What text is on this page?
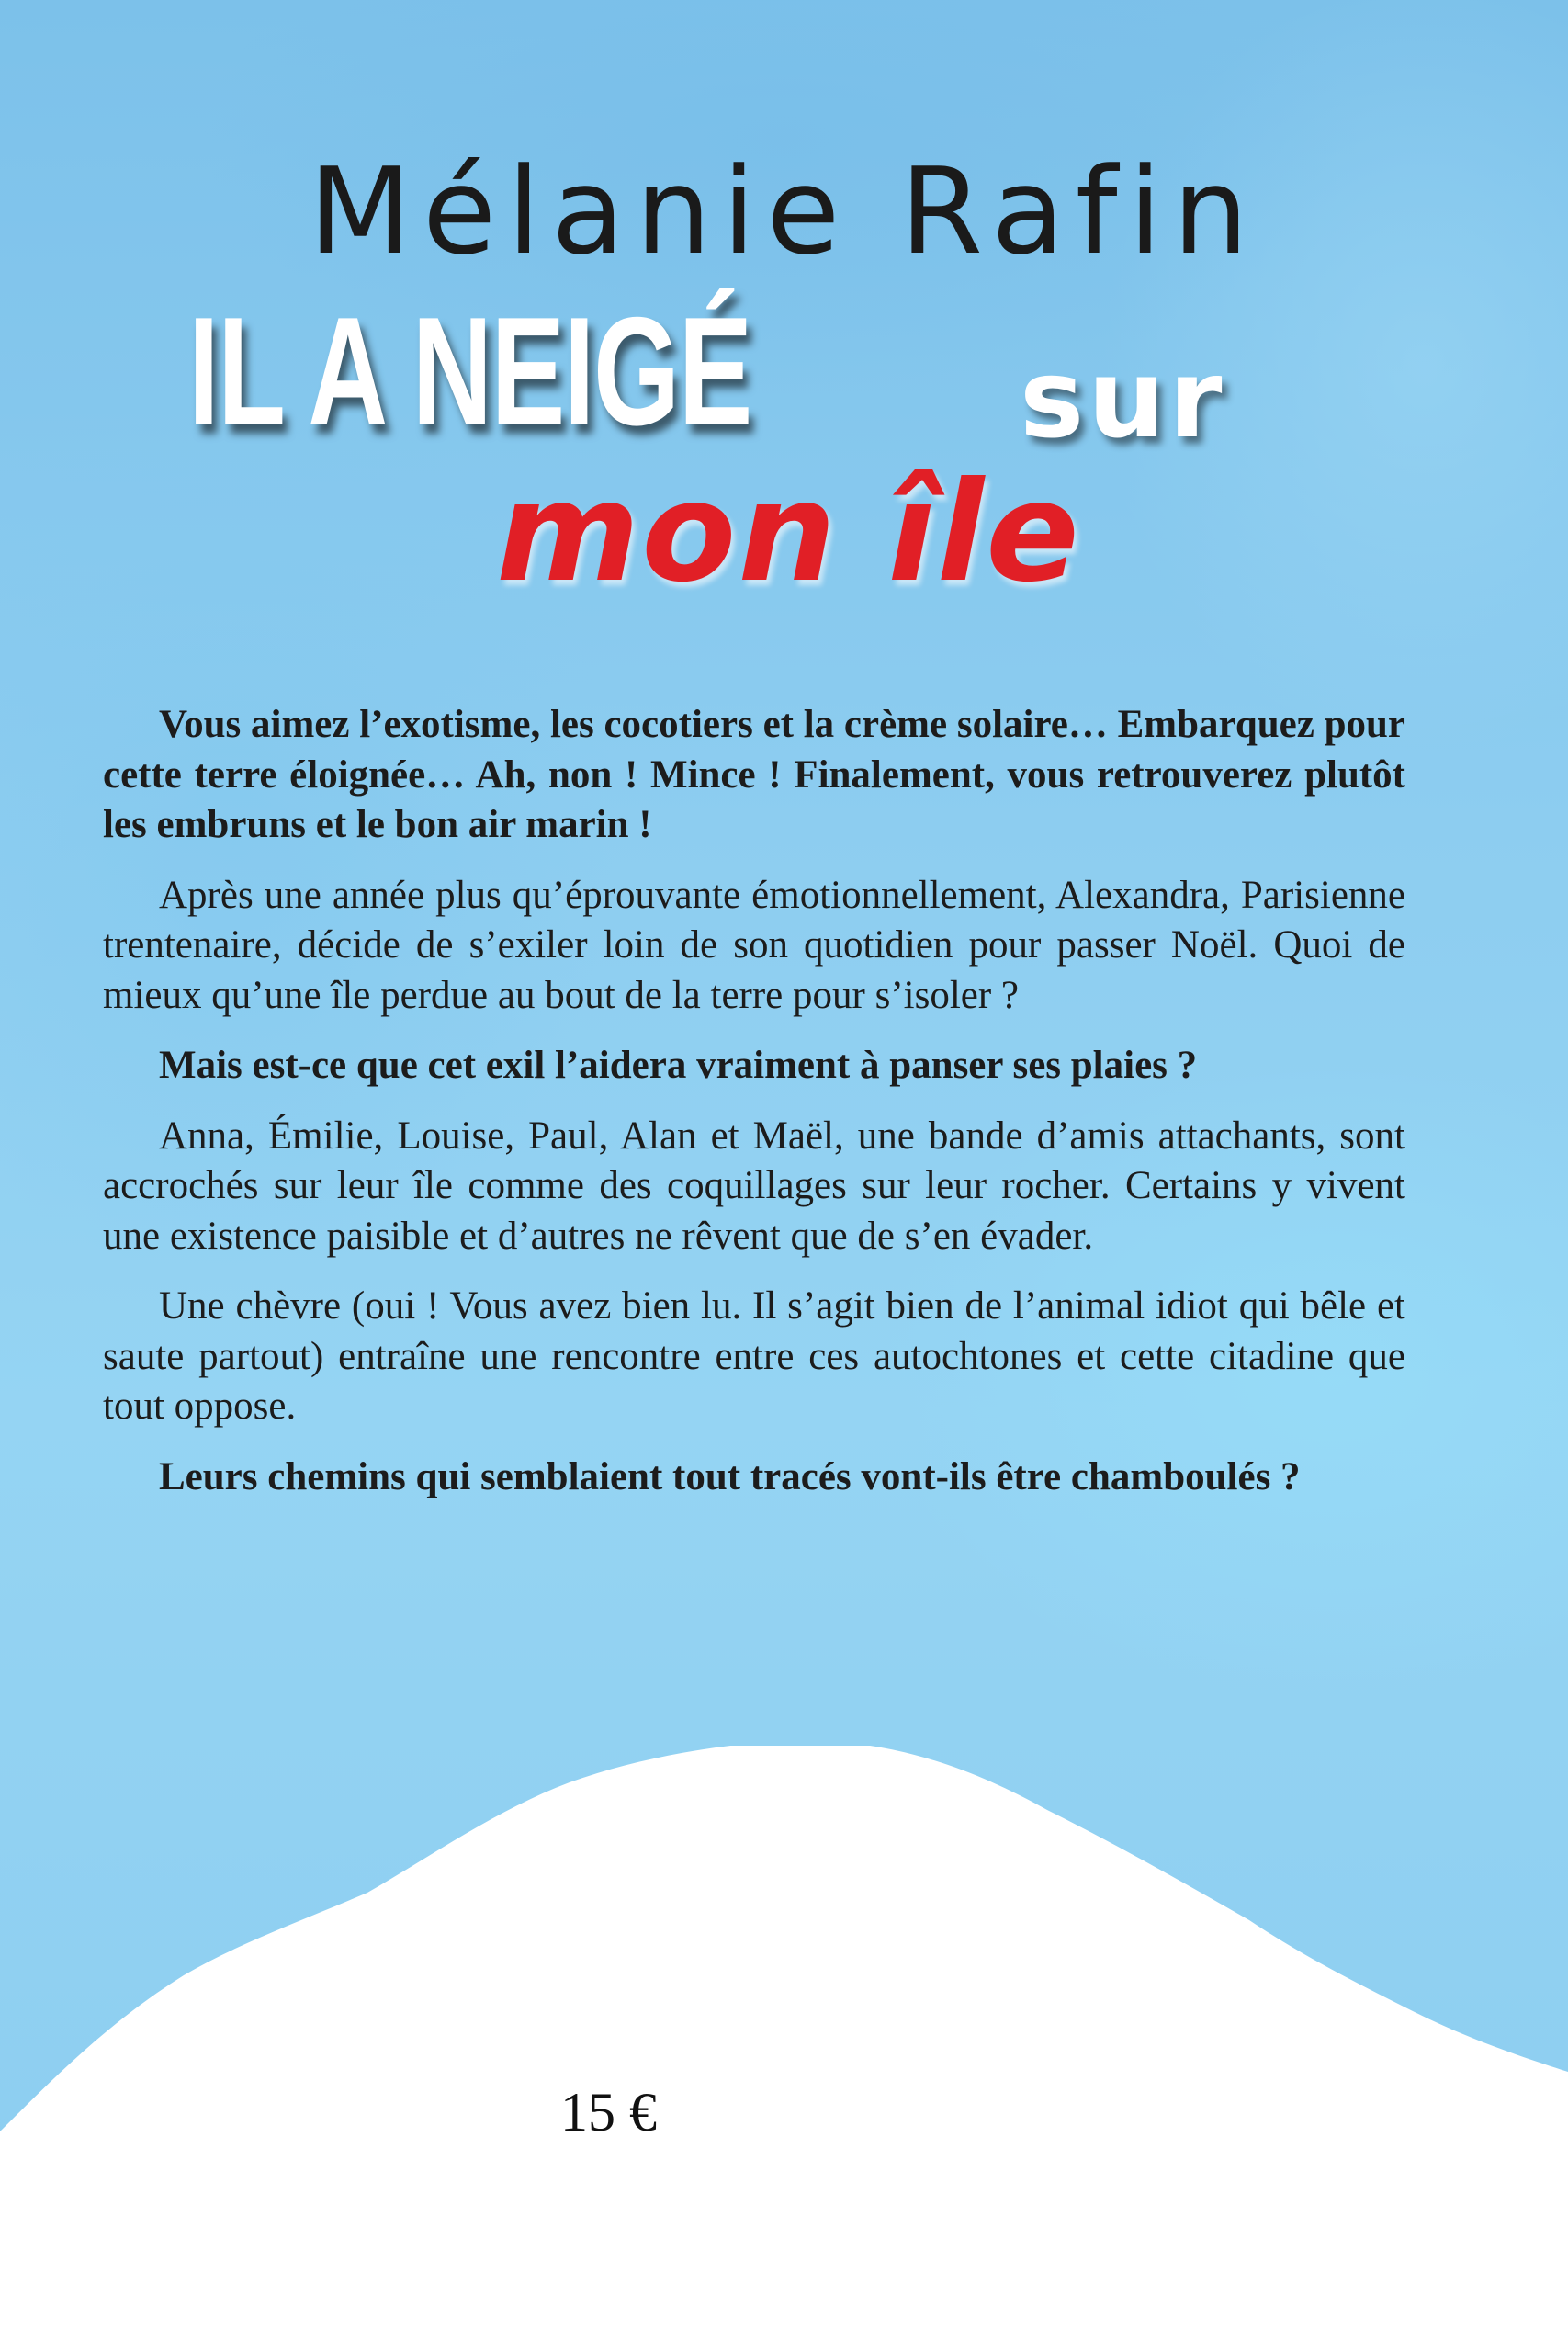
Mélanie Rafin
IL A NEIGÉ sur
mon île

Vous aimez l’exotisme, les cocotiers et la crème solaire… Embarquez pour cette terre éloignée… Ah, non ! Mince ! Finalement, vous retrouverez plutôt les embruns et le bon air marin !

Après une année plus qu’éprouvante émotionnellement, Alexandra, Parisienne trentenaire, décide de s’exiler loin de son quotidien pour passer Noël. Quoi de mieux qu’une île perdue au bout de la terre pour s’isoler ?

Mais est-ce que cet exil l’aidera vraiment à panser ses plaies ?

Anna, Émilie, Louise, Paul, Alan et Maël, une bande d’amis attachants, sont accrochés sur leur île comme des coquillages sur leur rocher. Certains y vivent une existence paisible et d’autres ne rêvent que de s’en évader.

Une chèvre (oui ! Vous avez bien lu. Il s’agit bien de l’animal idiot qui bêle et saute partout) entraîne une rencontre entre ces autochtones et cette citadine que tout oppose.

Leurs chemins qui semblaient tout tracés vont-ils être chamboulés ?

15 €
